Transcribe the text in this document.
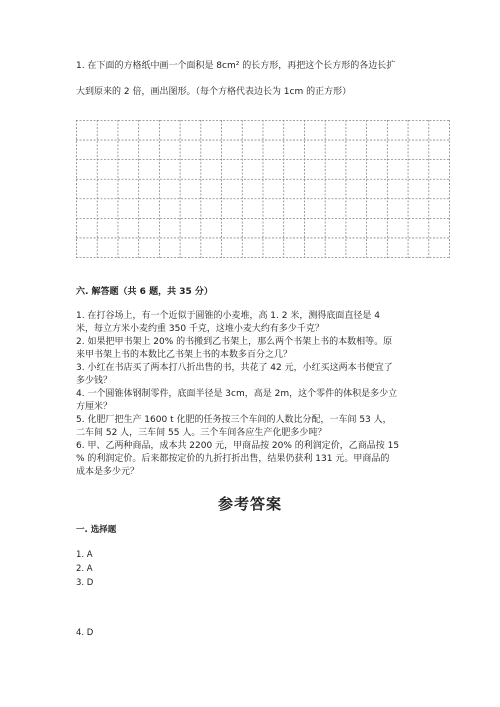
1. 在下面的方格纸中画一个面积是 8cm² 的长方形，再把这个长方形的各边长扩
大到原来的 2 倍，画出图形。（每个方格代表边长为 1cm 的正方形）
六. 解答题（共 6 题，共 35 分）
1. 在打谷场上，有一个近似于圆锥的小麦堆，高 1. 2 米，测得底面直径是 4
米，每立方米小麦约重 350 千克，这堆小麦大约有多少千克？
2. 如果把甲书架上 20% 的书搬到乙书架上，那么两个书架上书的本数相等。原
来甲书架上书的本数比乙书架上书的本数多百分之几？
3. 小红在书店买了两本打八折出售的书，共花了 42 元，小红买这两本书便宜了
多少钱？
4. 一个圆锥体钢制零件，底面半径是 3cm，高是 2m，这个零件的体积是多少立
方厘米？
5. 化肥厂把生产 1600 t 化肥的任务按三个车间的人数比分配，一车间 53 人，
二车间 52 人，三车间 55 人。三个车间各应生产化肥多少吨？
6. 甲、乙两种商品，成本共 2200 元，甲商品按 20% 的利润定价，乙商品按 15
% 的利润定价。后来都按定价的九折打折出售，结果仍获利 131 元。甲商品的
成本是多少元？
参考答案
一. 选择题
1. A
2. A
3. D
4. D
